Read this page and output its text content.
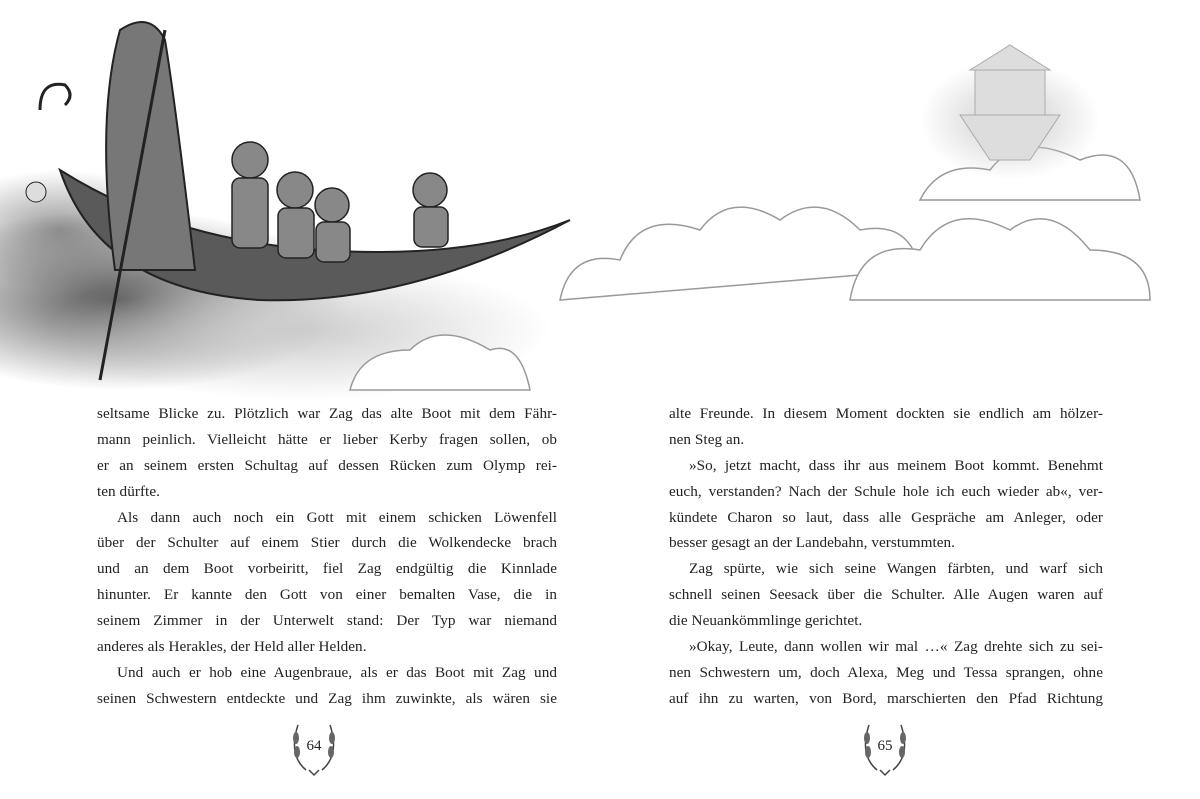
seltsame Blicke zu. Plötzlich war Zag das alte Boot mit dem Fähr-
mann peinlich. Vielleicht hätte er lieber Kerby fragen sollen, ob
er an seinem ersten Schultag auf dessen Rücken zum Olymp rei-
ten dürfte.
Als dann auch noch ein Gott mit einem schicken Löwenfell
über der Schulter auf einem Stier durch die Wolkendecke brach
und an dem Boot vorbeiritt, fiel Zag endgültig die Kinnlade
hinunter. Er kannte den Gott von einer bemalten Vase, die in
seinem Zimmer in der Unterwelt stand: Der Typ war niemand
anderes als Herakles, der Held aller Helden.
Und auch er hob eine Augenbraue, als er das Boot mit Zag und
seinen Schwestern entdeckte und Zag ihm zuwinkte, als wären sie
alte Freunde. In diesem Moment dockten sie endlich am hölzer-
nen Steg an.
»So, jetzt macht, dass ihr aus meinem Boot kommt. Benehmt
euch, verstanden? Nach der Schule hole ich euch wieder ab«, ver-
kündete Charon so laut, dass alle Gespräche am Anleger, oder
besser gesagt an der Landebahn, verstummten.
Zag spürte, wie sich seine Wangen färbten, und warf sich
schnell seinen Seesack über die Schulter. Alle Augen waren auf
die Neuankömmlinge gerichtet.
»Okay, Leute, dann wollen wir mal …« Zag drehte sich zu sei-
nen Schwestern um, doch Alexa, Meg und Tessa sprangen, ohne
auf ihn zu warten, von Bord, marschierten den Pfad Richtung
64	65
